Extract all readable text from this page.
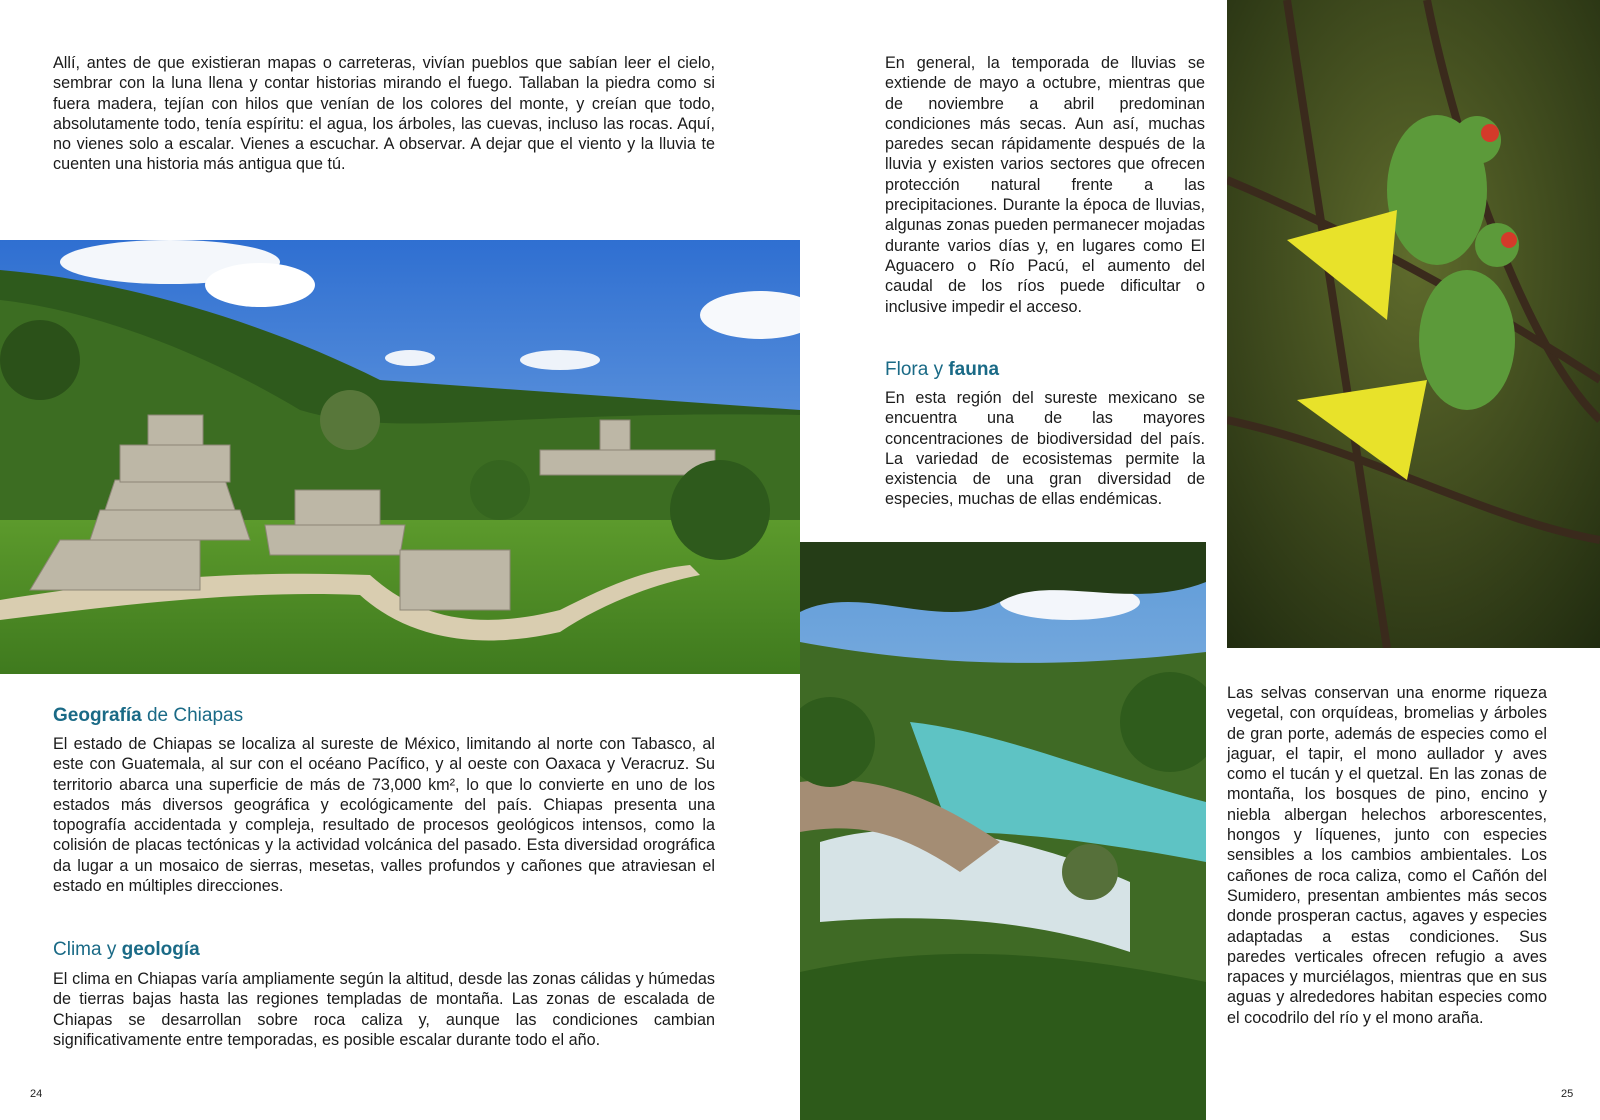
Allí, antes de que existieran mapas o carreteras, vivían pueblos que sabían leer el cielo, sembrar con la luna llena y contar historias mirando el fuego. Tallaban la piedra como si fuera madera, tejían con hilos que venían de los colores del monte, y creían que todo, absolutamente todo, tenía espíritu: el agua, los árboles, las cuevas, incluso las rocas. Aquí, no vienes solo a escalar. Vienes a escuchar. A observar. A dejar que el viento y la lluvia te cuenten una historia más antigua que tú.

Geografía de Chiapas

El estado de Chiapas se localiza al sureste de México, limitando al norte con Tabasco, al este con Guatemala, al sur con el océano Pacífico, y al oeste con Oaxaca y Veracruz. Su territorio abarca una superficie de más de 73,000 km², lo que lo convierte en uno de los estados más diversos geográfica y ecológicamente del país. Chiapas presenta una topografía accidentada y compleja, resultado de procesos geológicos intensos, como la colisión de placas tectónicas y la actividad volcánica del pasado. Esta diversidad orográfica da lugar a un mosaico de sierras, mesetas, valles profundos y cañones que atraviesan el estado en múltiples direcciones.

Clima y geología

El clima en Chiapas varía ampliamente según la altitud, desde las zonas cálidas y húmedas de tierras bajas hasta las regiones templadas de montaña. Las zonas de escalada de Chiapas se desarrollan sobre roca caliza y, aunque las condiciones cambian significativamente entre temporadas, es posible escalar durante todo el año.

24

En general, la temporada de lluvias se extiende de mayo a octubre, mientras que de noviembre a abril predominan condiciones más secas. Aun así, muchas paredes secan rápidamente después de la lluvia y existen varios sectores que ofrecen protección natural frente a las precipitaciones. Durante la época de lluvias, algunas zonas pueden permanecer mojadas durante varios días y, en lugares como El Aguacero o Río Pacú, el aumento del caudal de los ríos puede dificultar o inclusive impedir el acceso.

Flora y fauna

En esta región del sureste mexicano se encuentra una de las mayores concentraciones de biodiversidad del país. La variedad de ecosistemas permite la existencia de una gran diversidad de especies, muchas de ellas endémicas.

Las selvas conservan una enorme riqueza vegetal, con orquídeas, bromelias y árboles de gran porte, además de especies como el jaguar, el tapir, el mono aullador y aves como el tucán y el quetzal. En las zonas de montaña, los bosques de pino, encino y niebla albergan helechos arborescentes, hongos y líquenes, junto con especies sensibles a los cambios ambientales. Los cañones de roca caliza, como el Cañón del Sumidero, presentan ambientes más secos donde prosperan cactus, agaves y especies adaptadas a estas condiciones. Sus paredes verticales ofrecen refugio a aves rapaces y murciélagos, mientras que en sus aguas y alrededores habitan especies como el cocodrilo del río y el mono araña.

25
